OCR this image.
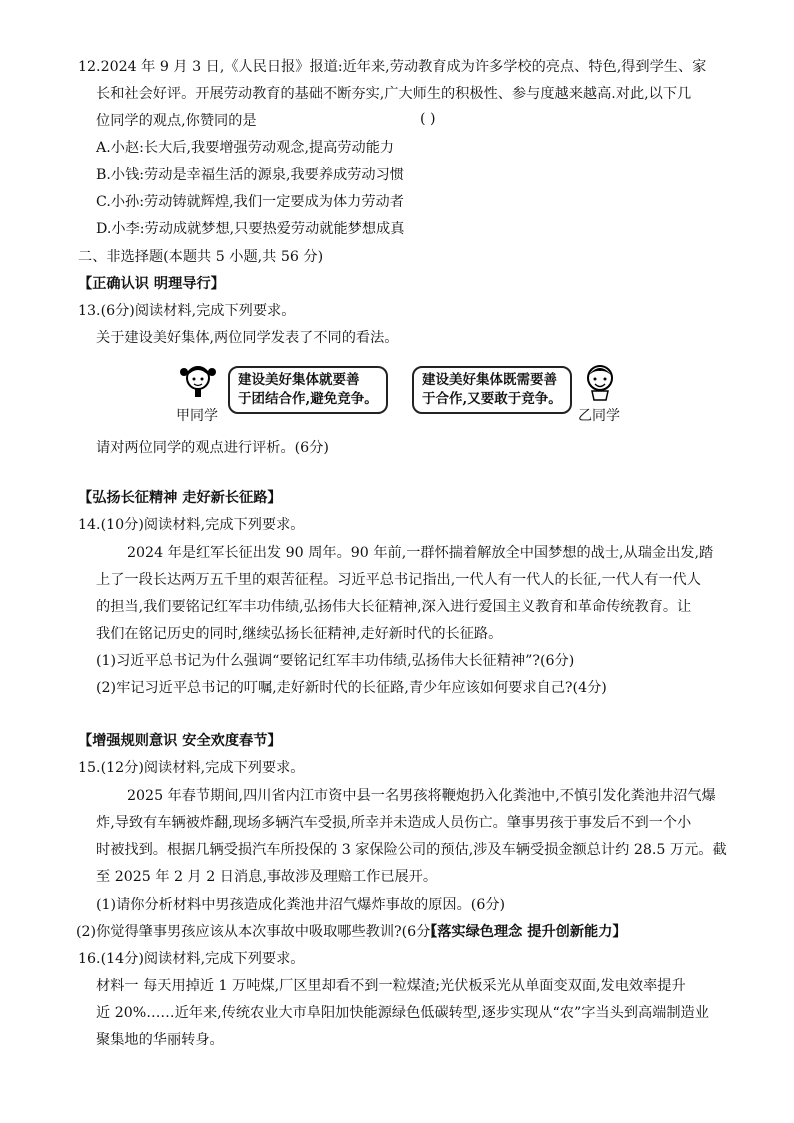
12.2024 年 9 月 3 日,《人民日报》报道:近年来,劳动教育成为许多学校的亮点、特色,得到学生、家
长和社会好评。开展劳动教育的基础不断夯实,广大师生的积极性、参与度越来越高.对此,以下几
位同学的观点,你赞同的是	( )
A.小赵:长大后,我要增强劳动观念,提高劳动能力
B.小钱:劳动是幸福生活的源泉,我要养成劳动习惯
C.小孙:劳动铸就辉煌,我们一定要成为体力劳动者
D.小李:劳动成就梦想,只要热爱劳动就能梦想成真
二、非选择题(本题共 5 小题,共 56 分)
【正确认识 明理导行】
13.(6分)阅读材料,完成下列要求。
关于建设美好集体,两位同学发表了不同的看法。
建设美好集体就要善
于团结合作,避免竞争。
甲同学
建设美好集体既需要善
于合作,又要敢于竞争。
乙同学
请对两位同学的观点进行评析。(6分)
【弘扬长征精神 走好新长征路】
14.(10分)阅读材料,完成下列要求。
2024 年是红军长征出发 90 周年。90 年前,一群怀揣着解放全中国梦想的战士,从瑞金出发,踏
上了一段长达两万五千里的艰苦征程。习近平总书记指出,一代人有一代人的长征,一代人有一代人
的担当,我们要铭记红军丰功伟绩,弘扬伟大长征精神,深入进行爱国主义教育和革命传统教育。让
我们在铭记历史的同时,继续弘扬长征精神,走好新时代的长征路。
(1)习近平总书记为什么强调“要铭记红军丰功伟绩,弘扬伟大长征精神”?(6分)
(2)牢记习近平总书记的叮嘱,走好新时代的长征路,青少年应该如何要求自己?(4分)
【增强规则意识 安全欢度春节】
15.(12分)阅读材料,完成下列要求。
2025 年春节期间,四川省内江市资中县一名男孩将鞭炮扔入化粪池中,不慎引发化粪池井沼气爆
炸,导致有车辆被炸翻,现场多辆汽车受损,所幸并未造成人员伤亡。肇事男孩于事发后不到一个小
时被找到。根据几辆受损汽车所投保的 3 家保险公司的预估,涉及车辆受损金额总计约 28.5 万元。截
至 2025 年 2 月 2 日消息,事故涉及理赔工作已展开。
(1)请你分析材料中男孩造成化粪池井沼气爆炸事故的原因。(6分)
(2)你觉得肇事男孩应该从本次事故中吸取哪些教训?(6分)
【落实绿色理念 提升创新能力】
16.(14分)阅读材料,完成下列要求。
材料一 每天用掉近 1 万吨煤,厂区里却看不到一粒煤渣;光伏板采光从单面变双面,发电效率提升
近 20%……近年来,传统农业大市阜阳加快能源绿色低碳转型,逐步实现从“农”字当头到高端制造业
聚集地的华丽转身。
